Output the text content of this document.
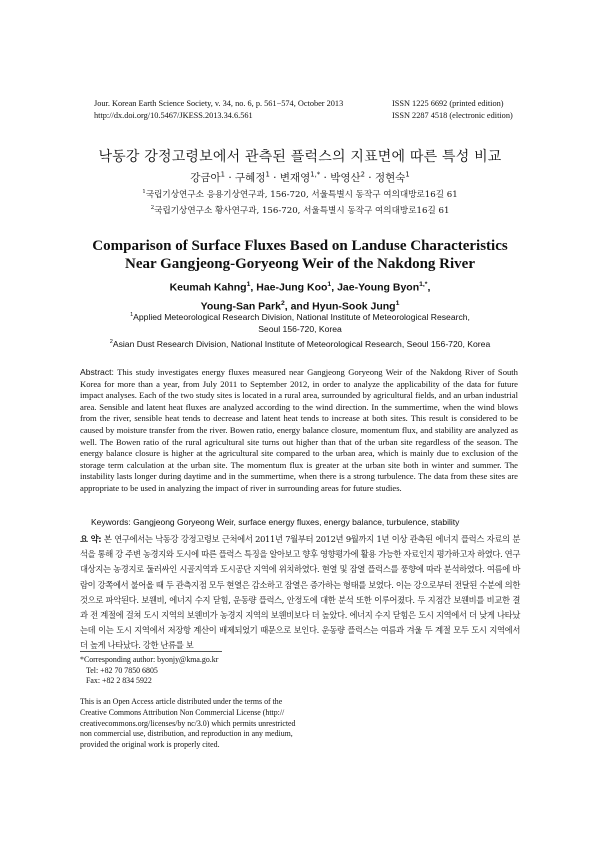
Jour. Korean Earth Science Society, v. 34, no. 6, p. 561−574, October 2013
http://dx.doi.org/10.5467/JKESS.2013.34.6.561
ISSN 1225 6692 (printed edition)
ISSN 2287 4518 (electronic edition)
낙동강 강정고령보에서 관측된 플럭스의 지표면에 따른 특성 비교
강금아$^1$ · 구혜정$^1$ · 변재영$^{1,*}$ · 박영산$^2$ · 정현숙$^1$
$^1$국립기상연구소 응용기상연구과, 156-720, 서울특별시 동작구 여의대방로16길 61
$^2$국립기상연구소 황사연구과, 156-720, 서울특별시 동작구 여의대방로16길 61
Comparison of Surface Fluxes Based on Landuse Characteristics
Near Gangjeong-Goryeong Weir of the Nakdong River
Keumah Kahng$^1$, Hae-Jung Koo$^1$, Jae-Young Byon$^{1,*}$,
Young-San Park$^2$, and Hyun-Sook Jung$^1$
$^1$Applied Meteorological Research Division, National Institute of Meteorological Research,
Seoul 156-720, Korea
$^2$Asian Dust Research Division, National Institute of Meteorological Research, Seoul 156-720, Korea
Abstract: This study investigates energy fluxes measured near Gangjeong Goryeong Weir of the Nakdong River of South Korea for more than a year, from July 2011 to September 2012, in order to analyze the applicability of the data for future impact analyses. Each of the two study sites is located in a rural area, surrounded by agricultural fields, and an urban industrial area. Sensible and latent heat fluxes are analyzed according to the wind direction. In the summertime, when the wind blows from the river, sensible heat tends to decrease and latent heat tends to increase at both sites. This result is considered to be caused by moisture transfer from the river. Bowen ratio, energy balance closure, momentum flux, and stability are analyzed as well. The Bowen ratio of the rural agricultural site turns out higher than that of the urban site regardless of the season. The energy balance closure is higher at the agricultural site compared to the urban area, which is mainly due to exclusion of the storage term calculation at the urban site. The momentum flux is greater at the urban site both in winter and summer. The instability lasts longer during daytime and in the summertime, when there is a strong turbulence. The data from these sites are appropriate to be used in analyzing the impact of river in surrounding areas for future studies.
Keywords: Gangjeong Goryeong Weir, surface energy fluxes, energy balance, turbulence, stability
요 약: 본 연구에서는 낙동강 강정고령보 근처에서 2011년 7월부터 2012년 9월까지 1년 이상 관측된 에너지 플럭스 자료의 분석을 통해 강 주변 농경지와 도시에 따른 플럭스 특징을 알아보고 향후 영향평가에 활용 가능한 자료인지 평가하고자 하였다. 연구 대상지는 농경지로 둘러싸인 시골지역과 도시공단 지역에 위치하였다. 현열 및 잠열 플럭스를 풍향에 따라 분석하였다. 여름에 바람이 강쪽에서 불어올 때 두 관측지점 모두 현열은 감소하고 잠열은 증가하는 형태를 보였다. 이는 강으로부터 전달된 수분에 의한 것으로 파악된다. 보웬비, 에너지 수지 닫힘, 운동량 플럭스, 안정도에 대한 분석 또한 이루어졌다. 두 지점간 보웬비를 비교한 결과 전 계절에 걸쳐 도시 지역의 보웬비가 농경지 지역의 보웬비보다 더 높았다. 에너지 수지 닫힘은 도시 지역에서 더 낮게 나타났는데 이는 도시 지역에서 저장항 계산이 배제되었기 때문으로 보인다. 운동량 플럭스는 여름과 겨울 두 계절 모두 도시 지역에서 더 높게 나타났다. 강한 난류를 보
*Corresponding author: byonjy@kma.go.kr
Tel: +82 70 7850 6805
Fax: +82 2 834 5922
This is an Open Access article distributed under the terms of the
Creative Commons Attribution Non Commercial License (http://
creativecommons.org/licenses/by nc/3.0) which permits unrestricted
non commercial use, distribution, and reproduction in any medium,
provided the original work is properly cited.
